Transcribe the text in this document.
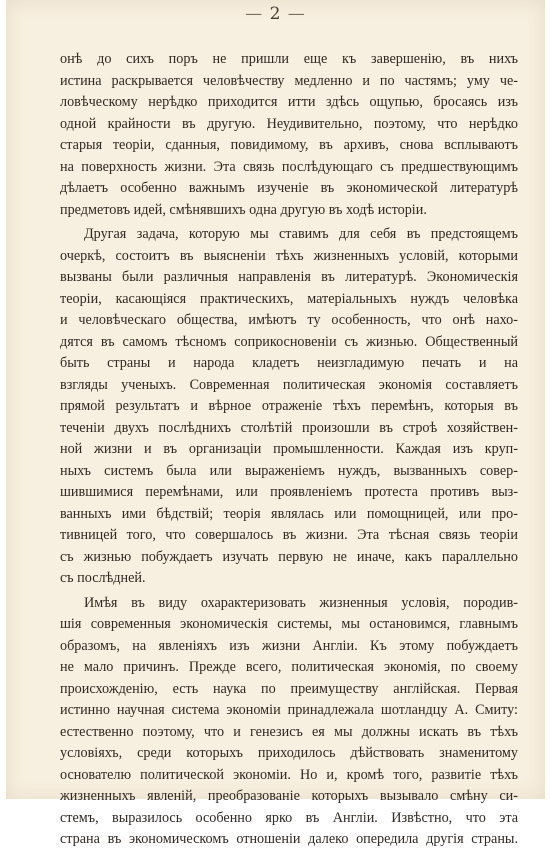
— 2 —
онѣ до сихъ поръ не пришли еще къ завершенію, въ нихъ
истина раскрывается человѣчеству медленно и по частямъ; уму че-
ловѣческому нерѣдко приходится итти здѣсь ощупью, бросаясь изъ
одной крайности въ другую. Неудивительно, поэтому, что нерѣдко
старыя теоріи, сданныя, повидимому, въ архивъ, снова всплываютъ
на поверхность жизни. Эта связь послѣдующаго съ предшествующимъ
дѣлаетъ особенно важнымъ изученіе въ экономической литературѣ
предметовъ идей, смѣнявшихъ одна другую въ ходѣ исторіи.
Другая задача, которую мы ставимъ для себя въ предстоящемъ
очеркѣ, состоитъ въ выясненіи тѣхъ жизненныхъ условій, которыми
вызваны были различныя направленія въ литературѣ. Экономическія
теоріи, касающіяся практическихъ, матеріальныхъ нуждъ человѣка
и человѣческаго общества, имѣютъ ту особенность, что онѣ нахо-
дятся въ самомъ тѣсномъ соприкосновеніи съ жизнью. Общественный
быть страны и народа кладетъ неизгладимую печать и на
взгляды ученыхъ. Современная политическая экономія составляетъ
прямой результатъ и вѣрное отраженіе тѣхъ перемѣнъ, которыя въ
теченіи двухъ послѣднихъ столѣтій произошли въ строѣ хозяйствен-
ной жизни и въ организаціи промышленности. Каждая изъ круп-
ныхъ системъ была или выраженіемъ нуждъ, вызванныхъ совер-
шившимися перемѣнами, или проявленіемъ протеста противъ выз-
ванныхъ ими бѣдствій; теорія являлась или помощницей, или про-
тивницей того, что совершалось въ жизни. Эта тѣсная связь теоріи
съ жизнью побуждаетъ изучать первую не иначе, какъ параллельно
съ послѣдней.
Имѣя въ виду охарактеризовать жизненныя условія, породив-
шія современныя экономическія системы, мы остановимся, главнымъ
образомъ, на явленіяхъ изъ жизни Англіи. Къ этому побуждаетъ
не мало причинъ. Прежде всего, политическая экономія, по своему
происхожденію, есть наука по преимуществу англійская. Первая
истинно научная система экономіи принадлежала шотландцу А. Смиту:
естественно поэтому, что и генезисъ ея мы должны искать въ тѣхъ
условіяхъ, среди которыхъ приходилось дѣйствовать знаменитому
основателю политической экономіи. Но и, кромѣ того, развитіе тѣхъ
жизненныхъ явленій, преобразованіе которыхъ вызывало смѣну си-
стемъ, выразилось особенно ярко въ Англіи. Извѣстно, что эта
страна въ экономическомъ отношеніи далеко опередила другія страны.
